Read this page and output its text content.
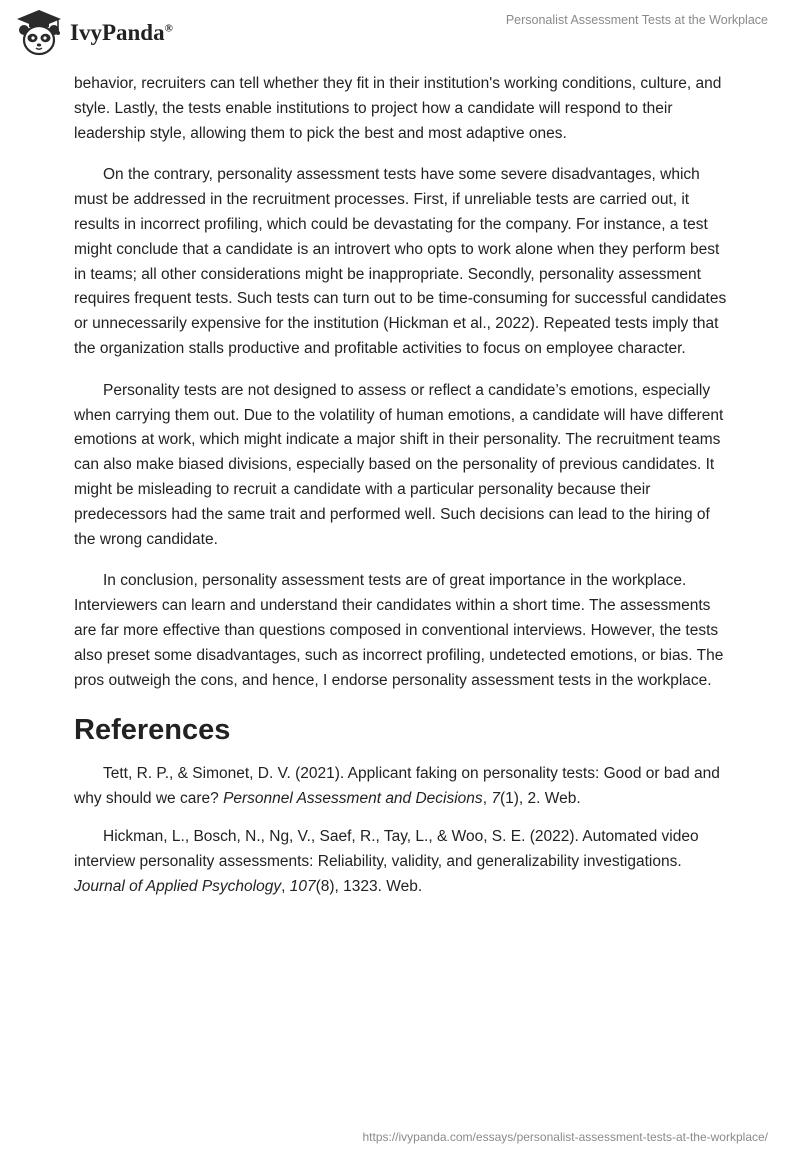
IvyPanda®
Personalist Assessment Tests at the Workplace

behavior, recruiters can tell whether they fit in their institution's working conditions, culture, and style. Lastly, the tests enable institutions to project how a candidate will respond to their leadership style, allowing them to pick the best and most adaptive ones.

On the contrary, personality assessment tests have some severe disadvantages, which must be addressed in the recruitment processes. First, if unreliable tests are carried out, it results in incorrect profiling, which could be devastating for the company. For instance, a test might conclude that a candidate is an introvert who opts to work alone when they perform best in teams; all other considerations might be inappropriate. Secondly, personality assessment requires frequent tests. Such tests can turn out to be time-consuming for successful candidates or unnecessarily expensive for the institution (Hickman et al., 2022). Repeated tests imply that the organization stalls productive and profitable activities to focus on employee character.

Personality tests are not designed to assess or reflect a candidate’s emotions, especially when carrying them out. Due to the volatility of human emotions, a candidate will have different emotions at work, which might indicate a major shift in their personality. The recruitment teams can also make biased divisions, especially based on the personality of previous candidates. It might be misleading to recruit a candidate with a particular personality because their predecessors had the same trait and performed well. Such decisions can lead to the hiring of the wrong candidate.

In conclusion, personality assessment tests are of great importance in the workplace. Interviewers can learn and understand their candidates within a short time. The assessments are far more effective than questions composed in conventional interviews. However, the tests also preset some disadvantages, such as incorrect profiling, undetected emotions, or bias. The pros outweigh the cons, and hence, I endorse personality assessment tests in the workplace.

References

Tett, R. P., & Simonet, D. V. (2021). Applicant faking on personality tests: Good or bad and why should we care? Personnel Assessment and Decisions, 7(1), 2. Web.

Hickman, L., Bosch, N., Ng, V., Saef, R., Tay, L., & Woo, S. E. (2022). Automated video interview personality assessments: Reliability, validity, and generalizability investigations. Journal of Applied Psychology, 107(8), 1323. Web.

https://ivypanda.com/essays/personalist-assessment-tests-at-the-workplace/
